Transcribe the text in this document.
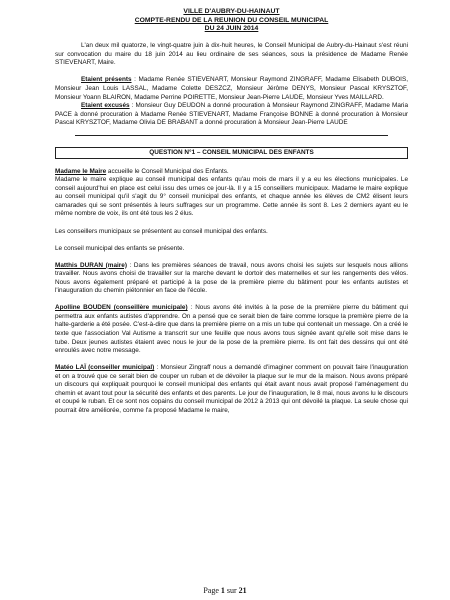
VILLE D'AUBRY-DU-HAINAUT
COMPTE-RENDU DE LA REUNION DU CONSEIL MUNICIPAL
DU 24 JUIN 2014

L'an deux mil quatorze, le vingt-quatre juin à dix-huit heures, le Conseil Municipal de Aubry-du-Hainaut s'est réuni sur convocation du maire du 18 juin 2014 au lieu ordinaire de ses séances, sous la présidence de Madame Renée STIEVENART, Maire.

Etaient présents : Madame Renée STIEVENART, Monsieur Raymond ZINGRAFF, Madame Elisabeth DUBOIS, Monsieur Jean Louis LASSAL, Madame Colette DESZCZ, Monsieur Jérôme DENYS, Monsieur Pascal KRYSZTOF, Monsieur Yoann BLAIRON, Madame Perrine POIRETTE, Monsieur Jean-Pierre LAUDE, Monsieur Yves MAILLARD.

Etaient excusés : Monsieur Guy DEUDON a donné procuration à Monsieur Raymond ZINGRAFF, Madame Maria PACE à donné procuration à Madame Renée STIEVENART, Madame Françoise BONNE à donné procuration à Monsieur Pascal KRYSZTOF, Madame Olivia DE BRABANT a donné procuration à Monsieur Jean-Pierre LAUDE

QUESTION N°1 – CONSEIL MUNICIPAL DES ENFANTS

Madame le Maire accueille le Conseil Municipal des Enfants.

Madame le maire explique au conseil municipal des enfants qu'au mois de mars il y a eu les élections municipales. Le conseil aujourd'hui en place est celui issu des urnes ce jour-là. Il y a 15 conseillers municipaux. Madame le maire explique au conseil municipal qu'il s'agit du 9° conseil municipal des enfants, et chaque année les élèves de CM2 élisent leurs camarades qui se sont présentés à leurs suffrages sur un programme. Cette année ils sont 8. Les 2 derniers ayant eu le même nombre de voix, ils ont été tous les 2 élus.

Les conseillers municipaux se présentent au conseil municipal des enfants.

Le conseil municipal des enfants se présente.

Matthis DURAN (maire) : Dans les premières séances de travail, nous avons choisi les sujets sur lesquels nous allions travailler. Nous avons choisi de travailler sur la marche devant le dortoir des maternelles et sur les rangements des vélos. Nous avons également préparé et participé à la pose de la première pierre du bâtiment pour les enfants autistes et l'inauguration du chemin piétonnier en face de l'école.

Apolline BOUDEN (conseillère municipale) : Nous avons été invités à la pose de la première pierre du bâtiment qui permettra aux enfants autistes d'apprendre. On a pensé que ce serait bien de faire comme lorsque la première pierre de la halte-garderie a été posée. C'est-à-dire que dans la première pierre on a mis un tube qui contenait un message. On a créé le texte que l'association Val Autisme a transcrit sur une feuille que nous avons tous signée avant qu'elle soit mise dans le tube. Deux jeunes autistes étaient avec nous le jour de la pose de la première pierre. Ils ont fait des dessins qui ont été enroulés avec notre message.

Matéo LAÏ (conseiller municipal) : Monsieur Zingraff nous a demandé d'imaginer comment on pouvait faire l'inauguration et on a trouvé que ce serait bien de couper un ruban et de dévoiler la plaque sur le mur de la maison. Nous avons préparé un discours qui expliquait pourquoi le conseil municipal des enfants qui était avant nous avait proposé l'aménagement du chemin et avant tout pour la sécurité des enfants et des parents. Le jour de l'inauguration, le 8 mai, nous avons lu le discours et coupé le ruban. Et ce sont nos copains du conseil municipal de 2012 à 2013 qui ont dévoilé la plaque. La seule chose qui pourrait être améliorée, comme l'a proposé Madame le maire,

Page 1 sur 21
